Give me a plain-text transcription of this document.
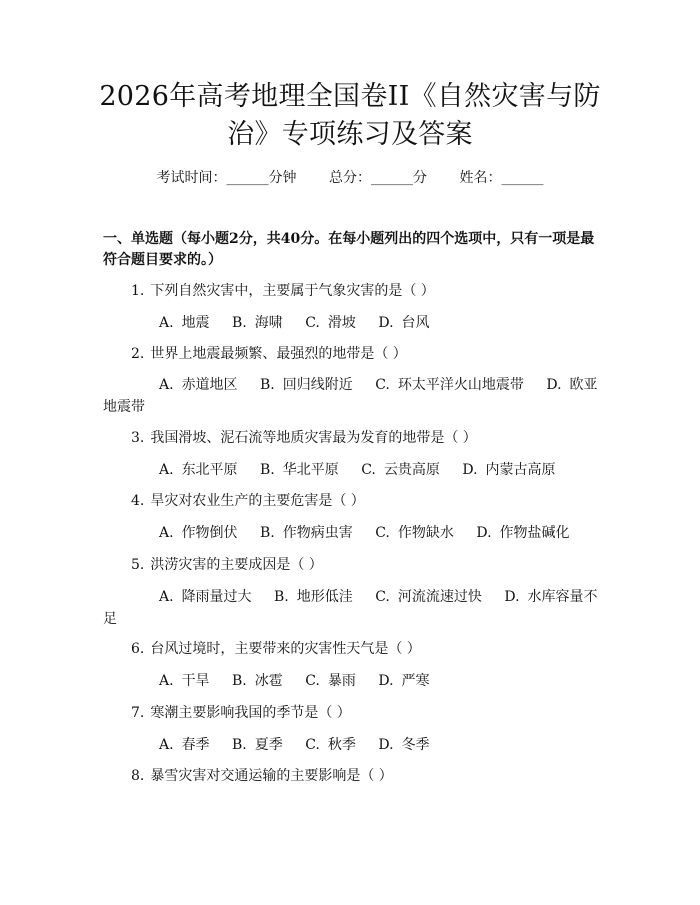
2026年高考地理全国卷II《自然灾害与防治》专项练习及答案
考试时间：______分钟 总分：______分 姓名：______

一、单选题（每小题2分，共40分。在每小题列出的四个选项中，只有一项是最符合题目要求的。）

1. 下列自然灾害中，主要属于气象灾害的是（ ）
A. 地震 B. 海啸 C. 滑坡 D. 台风
2. 世界上地震最频繁、最强烈的地带是（ ）
A. 赤道地区 B. 回归线附近 C. 环太平洋火山地震带 D. 欧亚地震带
3. 我国滑坡、泥石流等地质灾害最为发育的地带是（ ）
A. 东北平原 B. 华北平原 C. 云贵高原 D. 内蒙古高原
4. 旱灾对农业生产的主要危害是（ ）
A. 作物倒伏 B. 作物病虫害 C. 作物缺水 D. 作物盐碱化
5. 洪涝灾害的主要成因是（ ）
A. 降雨量过大 B. 地形低洼 C. 河流流速过快 D. 水库容量不足
6. 台风过境时，主要带来的灾害性天气是（ ）
A. 干旱 B. 冰雹 C. 暴雨 D. 严寒
7. 寒潮主要影响我国的季节是（ ）
A. 春季 B. 夏季 C. 秋季 D. 冬季
8. 暴雪灾害对交通运输的主要影响是（ ）
